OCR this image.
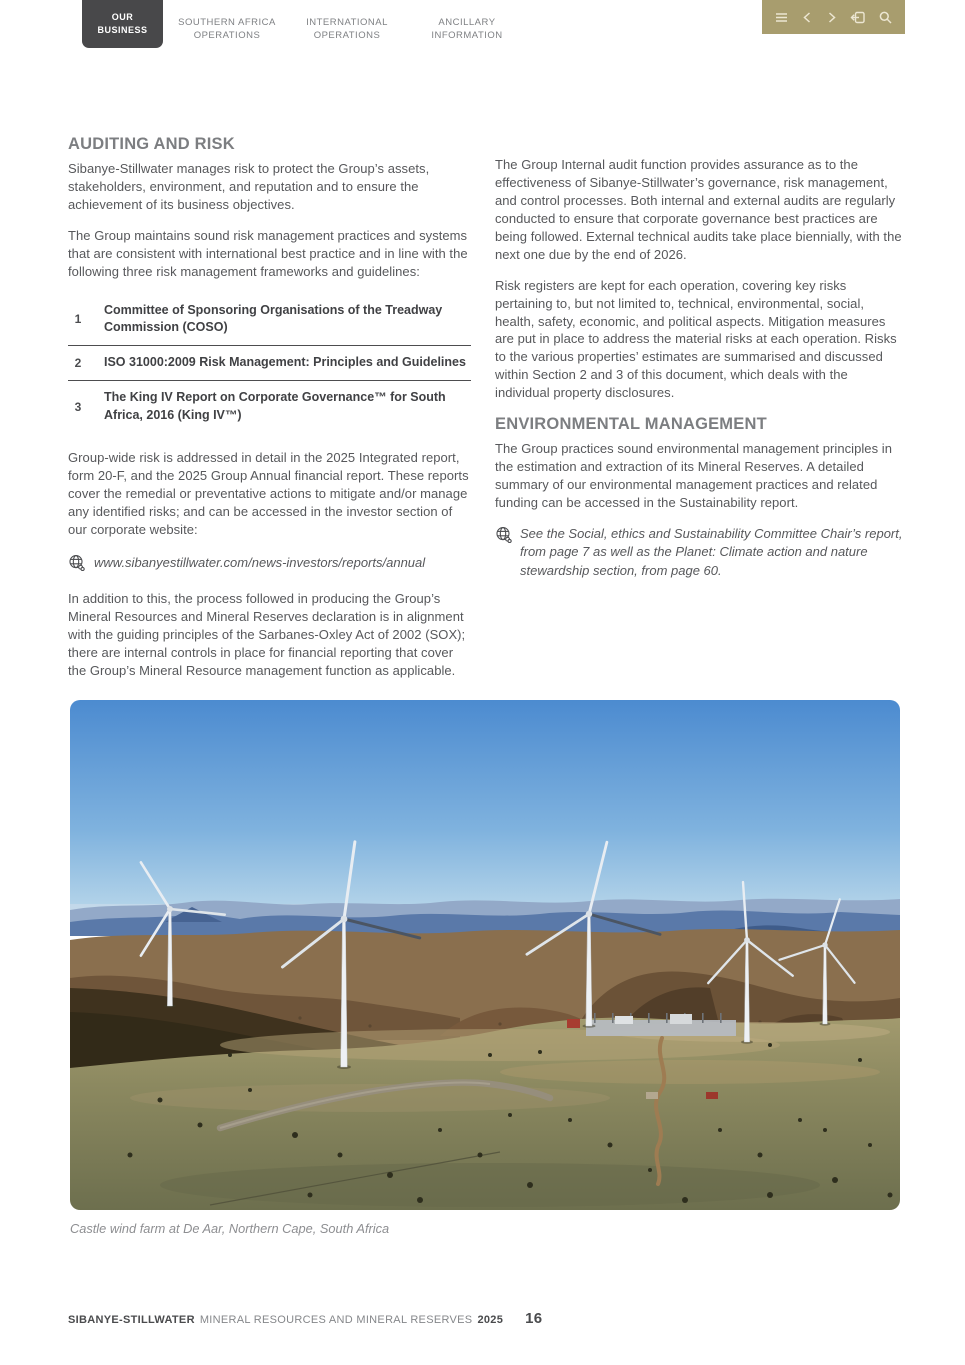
OUR BUSINESS
SOUTHERN AFRICA OPERATIONS
INTERNATIONAL OPERATIONS
ANCILLARY INFORMATION
AUDITING AND RISK

Sibanye-Stillwater manages risk to protect the Group’s assets, stakeholders, environment, and reputation and to ensure the achievement of its business objectives.

The Group maintains sound risk management practices and systems that are consistent with international best practice and in line with the following three risk management frameworks and guidelines:

1
Committee of Sponsoring Organisations of the Treadway Commission (COSO)
2	ISO 31000:2009 Risk Management: Principles and Guidelines
3
The King IV Report on Corporate Governance™ for South Africa, 2016 (King IV™)

Group-wide risk is addressed in detail in the 2025 Integrated report, form 20-F, and the 2025 Group Annual financial report. These reports cover the remedial or preventative actions to mitigate and/or manage any identified risks; and can be accessed in the investor section of our corporate website:

www.sibanyestillwater.com/news-investors/reports/annual

In addition to this, the process followed in producing the Group’s Mineral Resources and Mineral Reserves declaration is in alignment with the guiding principles of the Sarbanes-Oxley Act of 2002 (SOX); there are internal controls in place for financial reporting that cover the Group’s Mineral Resource management function as applicable.

The Group Internal audit function provides assurance as to the effectiveness of Sibanye-Stillwater’s governance, risk management, and control processes. Both internal and external audits are regularly conducted to ensure that corporate governance best practices are being followed. External technical audits take place biennially, with the next one due by the end of 2026.

Risk registers are kept for each operation, covering key risks pertaining to, but not limited to, technical, environmental, social, health, safety, economic, and political aspects. Mitigation measures are put in place to address the material risks at each operation. Risks to the various properties’ estimates are summarised and discussed within Section 2 and 3 of this document, which deals with the individual property disclosures.

ENVIRONMENTAL MANAGEMENT

The Group practices sound environmental management principles in the estimation and extraction of its Mineral Reserves. A detailed summary of our environmental management practices and related funding can be accessed in the Sustainability report.

See the Social, ethics and Sustainability Committee Chair’s report, from page 7 as well as the Planet: Climate action and nature stewardship section, from page 60.
Castle wind farm at De Aar, Northern Cape, South Africa
SIBANYE-STILLWATER MINERAL RESOURCES AND MINERAL RESERVES 2025 16
